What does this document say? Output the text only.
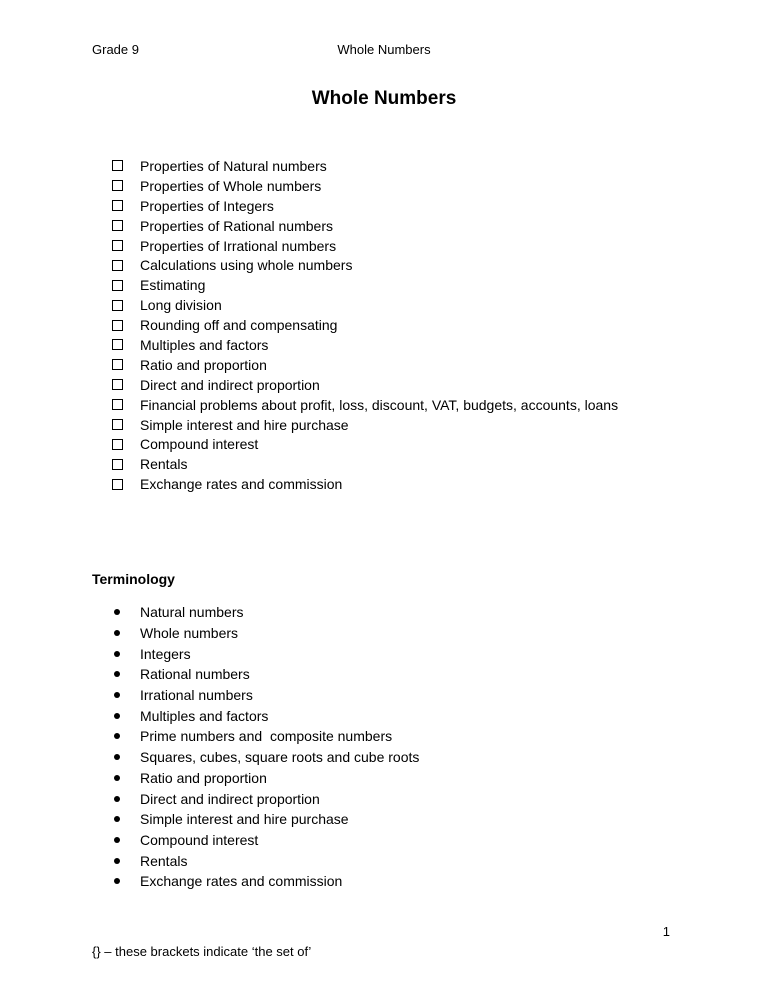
Grade 9	Whole Numbers
Whole Numbers
Properties of Natural numbers
Properties of Whole numbers
Properties of Integers
Properties of Rational numbers
Properties of Irrational numbers
Calculations using whole numbers
Estimating
Long division
Rounding off and compensating
Multiples and factors
Ratio and proportion
Direct and indirect proportion
Financial problems about profit, loss, discount, VAT, budgets, accounts, loans
Simple interest and hire purchase
Compound interest
Rentals
Exchange rates and commission
Terminology
Natural numbers
Whole numbers
Integers
Rational numbers
Irrational numbers
Multiples and factors
Prime numbers and  composite numbers
Squares, cubes, square roots and cube roots
Ratio and proportion
Direct and indirect proportion
Simple interest and hire purchase
Compound interest
Rentals
Exchange rates and commission
1
{} – these brackets indicate ‘the set of’
